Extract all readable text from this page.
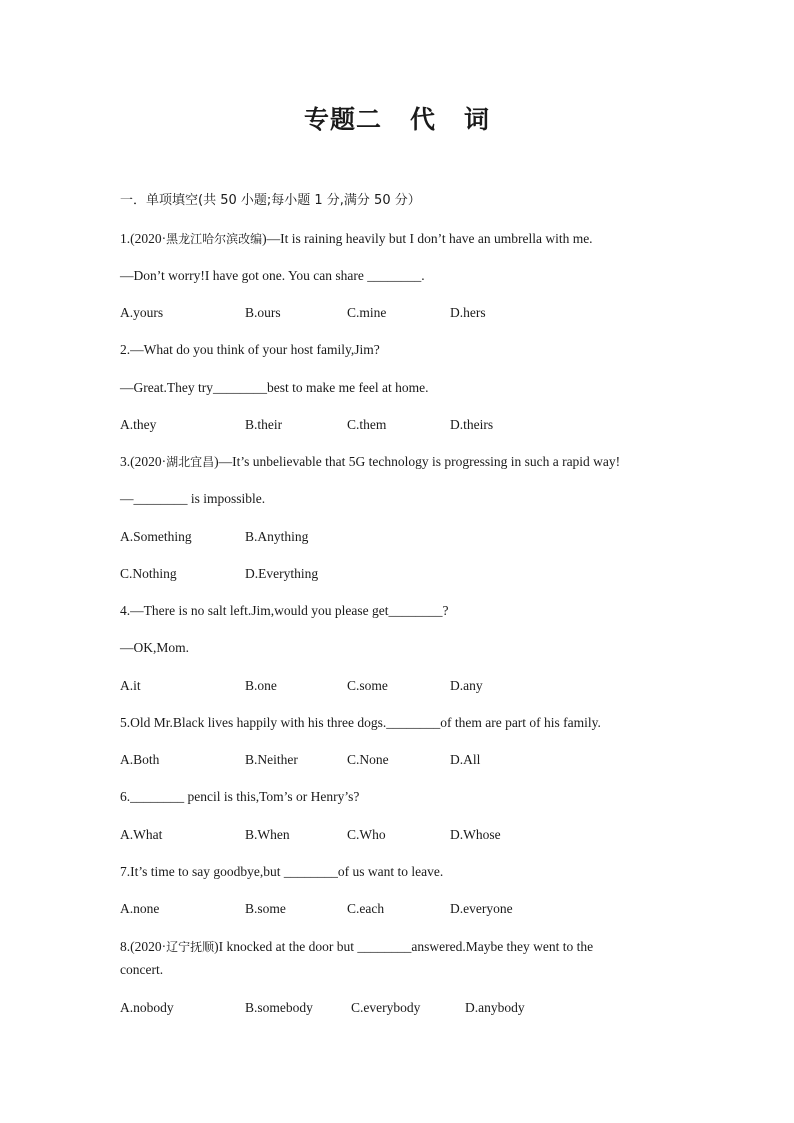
专题二 代 词
一．单项填空(共 50 小题;每小题 1 分,满分 50 分）
1.(2020·黑龙江哈尔滨改编)—It is raining heavily but I don’t have an umbrella with me.
—Don’t worry!I have got one. You can share ________.
A.yours	B.ours	C.mine	D.hers
2.—What do you think of your host family,Jim?
—Great.They try________best to make me feel at home.
A.they	B.their	C.them	D.theirs
3.(2020·湖北宜昌)—It’s unbelievable that 5G technology is progressing in such a rapid way!
—________ is impossible.
A.Something	B.Anything
C.Nothing	D.Everything
4.—There is no salt left.Jim,would you please get________?
—OK,Mom.
A.it	B.one	C.some	D.any
5.Old Mr.Black lives happily with his three dogs.________of them are part of his family.
A.Both	B.Neither	C.None	D.All
6.________ pencil is this,Tom’s or Henry’s?
A.What	B.When	C.Who	D.Whose
7.It’s time to say goodbye,but ________of us want to leave.
A.none	B.some	C.each	D.everyone
8.(2020·辽宁抚顺)I knocked at the door but ________answered.Maybe they went to the
concert.
A.nobody	B.somebody	C.everybody	D.anybody
